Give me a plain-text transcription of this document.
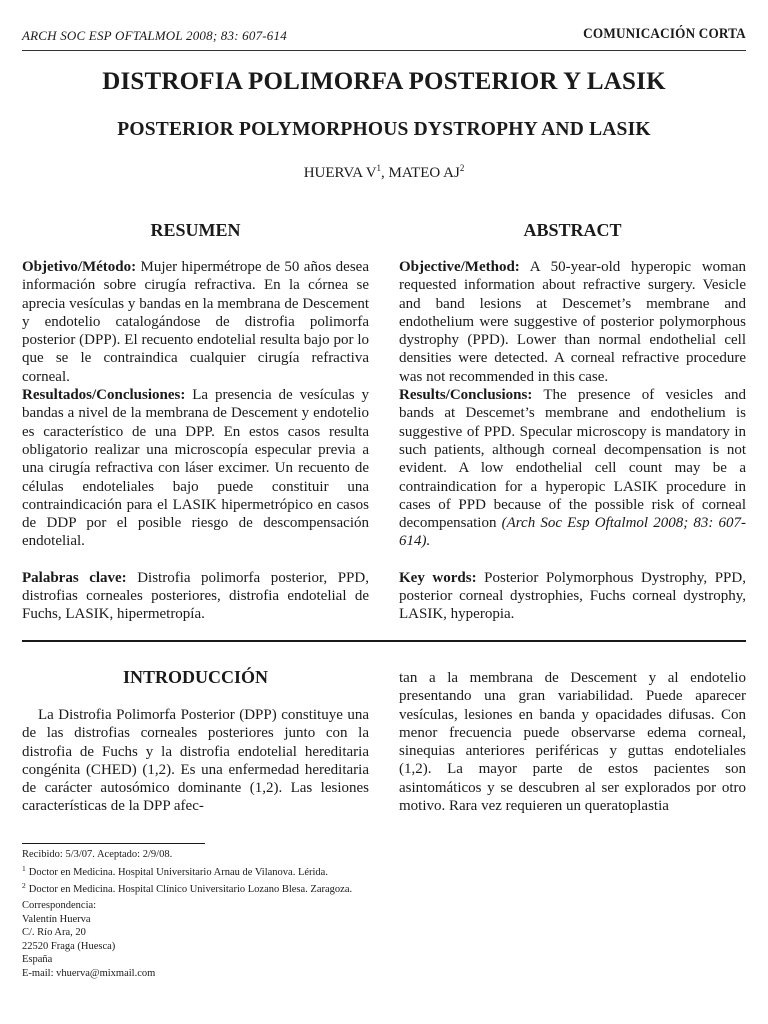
ARCH SOC ESP OFTALMOL 2008; 83: 607-614	COMUNICACIÓN CORTA
DISTROFIA POLIMORFA POSTERIOR Y LASIK
POSTERIOR POLYMORPHOUS DYSTROPHY AND LASIK
HUERVA $V^1$, MATEO $AJ^2$
RESUMEN

Objetivo/Método: Mujer hipermétrope de 50 años desea información sobre cirugía refractiva. En la córnea se aprecia vesículas y bandas en la membrana de Descement y endotelio catalogándose de distrofia polimorfa posterior (DPP). El recuento endotelial resulta bajo por lo que se le contraindica cualquier cirugía refractiva corneal.

Resultados/Conclusiones: La presencia de vesículas y bandas a nivel de la membrana de Descement y endotelio es característico de una DPP. En estos casos resulta obligatorio realizar una microscopía especular previa a una cirugía refractiva con láser excimer. Un recuento de células endoteliales bajo puede constituir una contraindicación para el LASIK hipermetrópico en casos de DDP por el posible riesgo de descompensación endotelial.

Palabras clave: Distrofia polimorfa posterior, PPD, distrofias corneales posteriores, distrofia endotelial de Fuchs, LASIK, hipermetropía.

ABSTRACT

Objective/Method: A 50-year-old hyperopic woman requested information about refractive surgery. Vesicle and band lesions at Descemet’s membrane and endothelium were suggestive of posterior polymorphous dystrophy (PPD). Lower than normal endothelial cell densities were detected. A corneal refractive procedure was not recommended in this case.

Results/Conclusions: The presence of vesicles and bands at Descemet’s membrane and endothelium is suggestive of PPD. Specular microscopy is mandatory in such patients, although corneal decompensation is not evident. A low endothelial cell count may be a contraindication for a hyperopic LASIK procedure in cases of PPD because of the possible risk of corneal decompensation (Arch Soc Esp Oftalmol 2008; 83: 607-614).

Key words: Posterior Polymorphous Dystrophy, PPD, posterior corneal dystrophies, Fuchs corneal dystrophy, LASIK, hyperopia.

INTRODUCCIÓN

La Distrofia Polimorfa Posterior (DPP) constituye una de las distrofias corneales posteriores junto con la distrofia de Fuchs y la distrofia endotelial hereditaria congénita (CHED) (1,2). Es una enfermedad hereditaria de carácter autosómico dominante (1,2). Las lesiones características de la DPP afec-

tan a la membrana de Descement y al endotelio presentando una gran variabilidad. Puede aparecer vesículas, lesiones en banda y opacidades difusas. Con menor frecuencia puede observarse edema corneal, sinequias anteriores periféricas y guttas endoteliales (1,2). La mayor parte de estos pacientes son asintomáticos y se descubren al ser explorados por otro motivo. Rara vez requieren un queratoplastia

Recibido: 5/3/07. Aceptado: 2/9/08.
$^1$ Doctor en Medicina. Hospital Universitario Arnau de Vilanova. Lérida.
$^2$ Doctor en Medicina. Hospital Clínico Universitario Lozano Blesa. Zaragoza.
Correspondencia:
Valentín Huerva
C/. Río Ara, 20
22520 Fraga (Huesca)
España
E-mail: vhuerva@mixmail.com
